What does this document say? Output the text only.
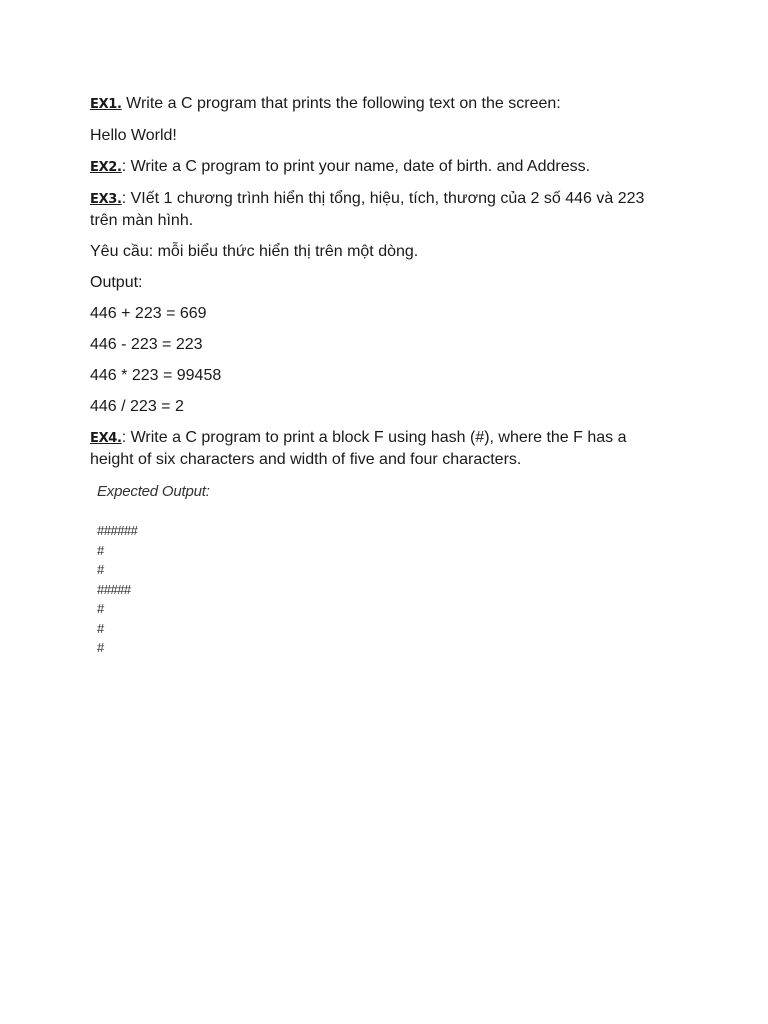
EX1. Write a C program that prints the following text on the screen:

Hello World!

EX2.: Write a C program to print your name, date of birth. and Address.

EX3.: VIết 1 chương trình hiển thị tổng, hiệu, tích, thương của 2 số 446 và 223 trên màn hình.

Yêu cầu: mỗi biểu thức hiển thị trên một dòng.

Output:

446 + 223 = 669

446 - 223 = 223

446 * 223 = 99458

446 / 223 = 2

EX4.: Write a C program to print a block F using hash (#), where the F has a height of six characters and width of five and four characters.

Expected Output:

######

#

#

#####

#

#

#
